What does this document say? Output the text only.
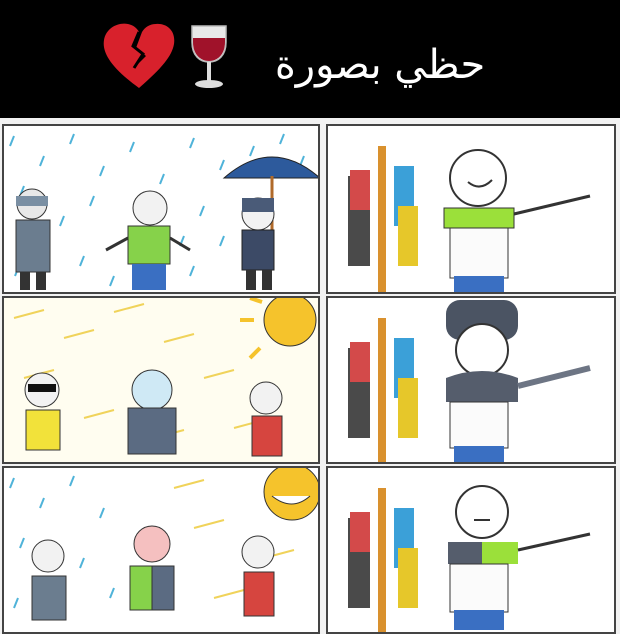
حظي بصورة
